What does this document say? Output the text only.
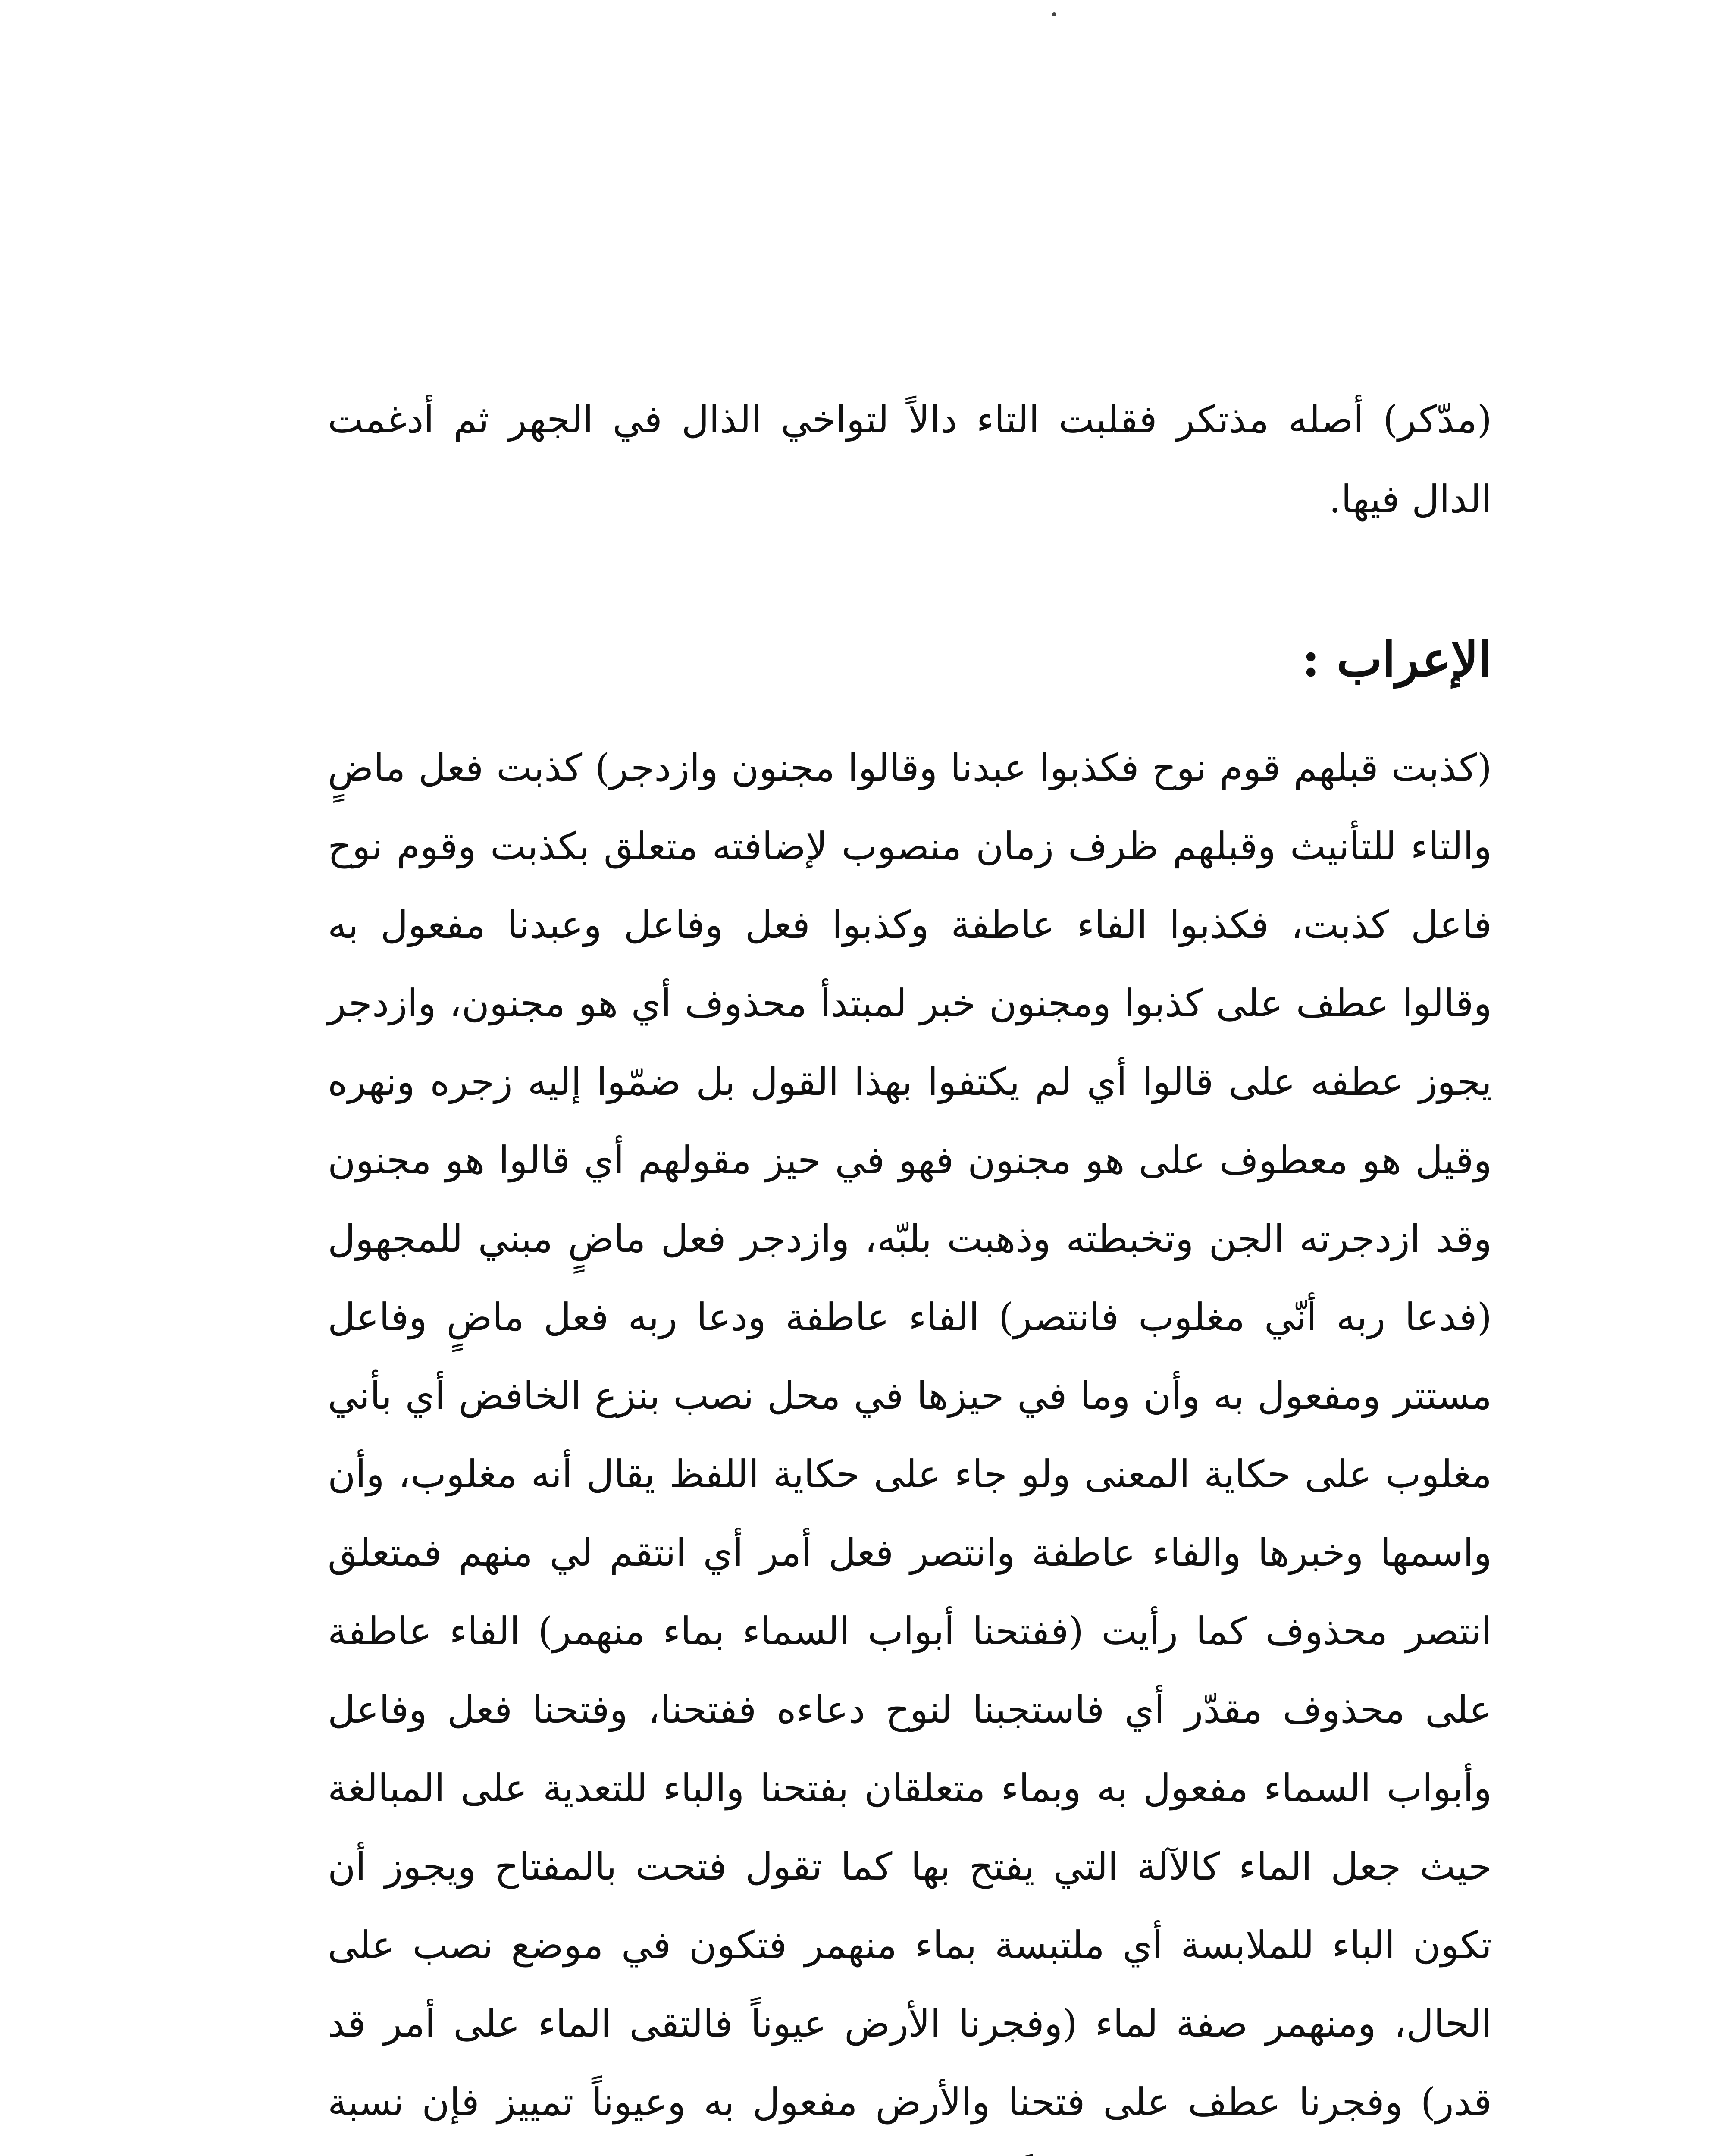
(مدّكر) أصله مذتكر فقلبت التاء دالاً لتواخي الذال في الجهر ثم أدغمت الدال فيها.

الإعراب :

(كذبت قبلهم قوم نوح فكذبوا عبدنا وقالوا مجنون وازدجر) كذبت فعل ماضٍ والتاء للتأنيث وقبلهم ظرف زمان منصوب لإضافته متعلق بكذبت وقوم نوح فاعل كذبت، فكذبوا الفاء عاطفة وكذبوا فعل وفاعل وعبدنا مفعول به وقالوا عطف على كذبوا ومجنون خبر لمبتدأ محذوف أي هو مجنون، وازدجر يجوز عطفه على قالوا أي لم يكتفوا بهذا القول بل ضمّوا إليه زجره ونهره وقيل هو معطوف على هو مجنون فهو في حيز مقولهم أي قالوا هو مجنون وقد ازدجرته الجن وتخبطته وذهبت بلبّه، وازدجر فعل ماضٍ مبني للمجهول (فدعا ربه أنّي مغلوب فانتصر) الفاء عاطفة ودعا ربه فعل ماضٍ وفاعل مستتر ومفعول به وأن وما في حيزها في محل نصب بنزع الخافض أي بأني مغلوب على حكاية المعنى ولو جاء على حكاية اللفظ يقال أنه مغلوب، وأن واسمها وخبرها والفاء عاطفة وانتصر فعل أمر أي انتقم لي منهم فمتعلق انتصر محذوف كما رأيت (ففتحنا أبواب السماء بماء منهمر) الفاء عاطفة على محذوف مقدّر أي فاستجبنا لنوح دعاءه ففتحنا، وفتحنا فعل وفاعل وأبواب السماء مفعول به وبماء متعلقان بفتحنا والباء للتعدية على المبالغة حيث جعل الماء كالآلة التي يفتح بها كما تقول فتحت بالمفتاح ويجوز أن تكون الباء للملابسة أي ملتبسة بماء منهمر فتكون في موضع نصب على الحال، ومنهمر صفة لماء (وفجرنا الأرض عيوناً فالتقى الماء على أمر قد قدر) وفجرنا عطف على فتحنا والأرض مفعول به وعيوناً تمييز فإن نسبة
